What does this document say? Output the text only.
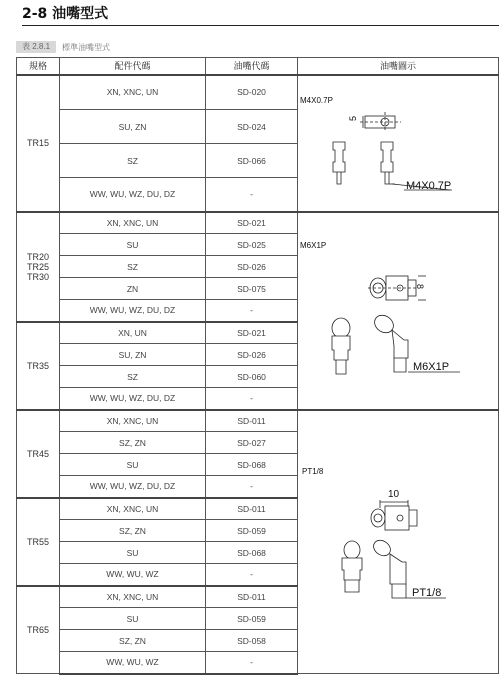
2-8 油嘴型式
表 2.8.1	標準油嘴型式
規格	配件代碼	油嘴代碼	油嘴圖示
TR15	XN, XNC, UN	SD-020	
	SU, ZN	SD-024	
	SZ	SD-066	
	WW, WU, WZ, DU, DZ	-	

TR20
TR25
TR30	XN, XNC, UN	SD-021	
	SU	SD-025	
	SZ	SD-026	
	ZN	SD-075	
	WW, WU, WZ, DU, DZ	-	
TR35	XN, UN	SD-021	
	SU, ZN	SD-026	
	SZ	SD-060	
	WW, WU, WZ, DU, DZ	-	
TR45	XN, XNC, UN	SD-011	
	SZ, ZN	SD-027	
	SU	SD-068	
	WW, WU, WZ, DU, DZ	-	
TR55	XN, XNC, UN	SD-011	
	SZ, ZN	SD-059	
	SU	SD-068	
	WW, WU, WZ	-	
TR65	XN, XNC, UN	SD-011	
	SU	SD-059	
	SZ, ZN	SD-058	
	WW, WU, WZ	-	
M4X0.7P
M6X1P
PT1/8
5
M4X0.7P
8
M6X1P
10
PT1/8
